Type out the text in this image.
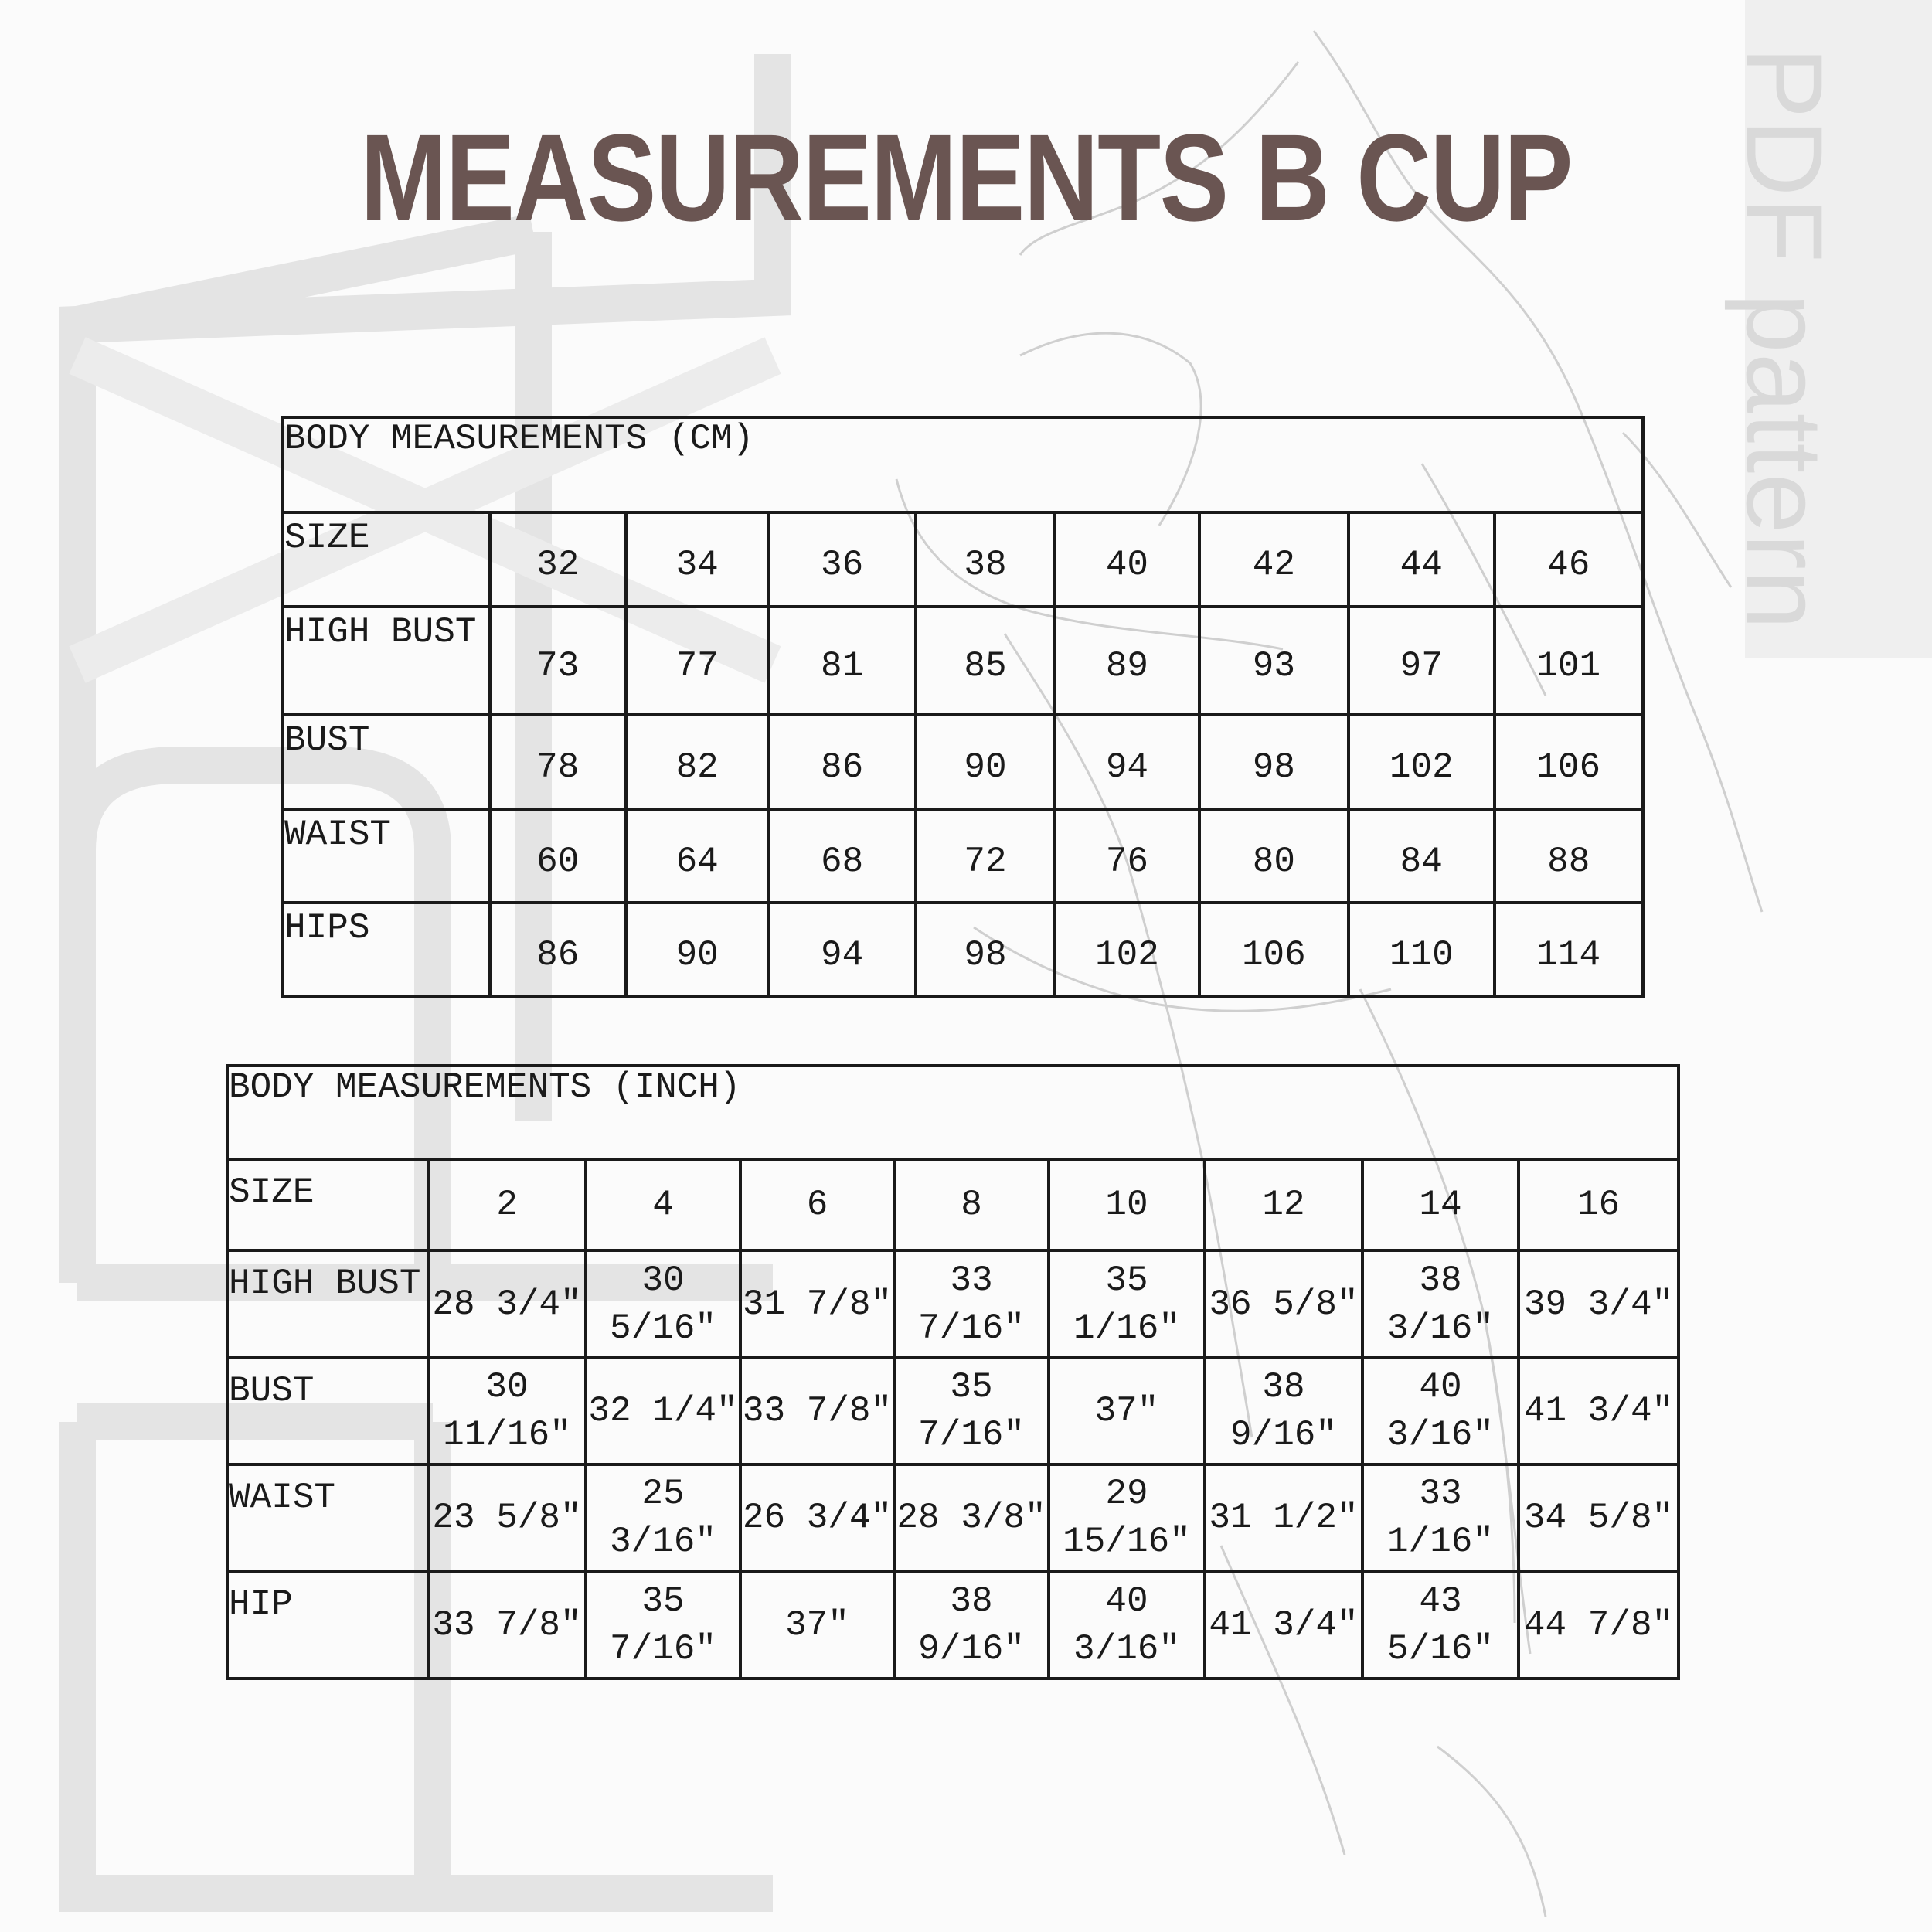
PDF pattern
MEASUREMENTS B CUP
BODY MEASUREMENTS (CM)								
SIZE	32	34	36	38	40	42	44	46
HIGH BUST	73	77	81	85	89	93	97	101
BUST	78	82	86	90	94	98	102	106
WAIST	60	64	68	72	76	80	84	88
HIPS	86	90	94	98	102	106	110	114
BODY MEASUREMENTS (INCH)								
SIZE	2	4	6	8	10	12	14	16
HIGH BUST	28 3/4"	30 5/16"	31 7/8"	33 7/16"	35 1/16"	36 5/8"	38 3/16"	39 3/4"
BUST	30 11/16"	32 1/4"	33 7/8"	35 7/16"	37"	38 9/16"	40 3/16"	41 3/4"
WAIST	23 5/8"	25 3/16"	26 3/4"	28 3/8"	29 15/16"	31 1/2"	33 1/16"	34 5/8"
HIP	33 7/8"	35 7/16"	37"	38 9/16"	40 3/16"	41 3/4"	43 5/16"	44 7/8"
